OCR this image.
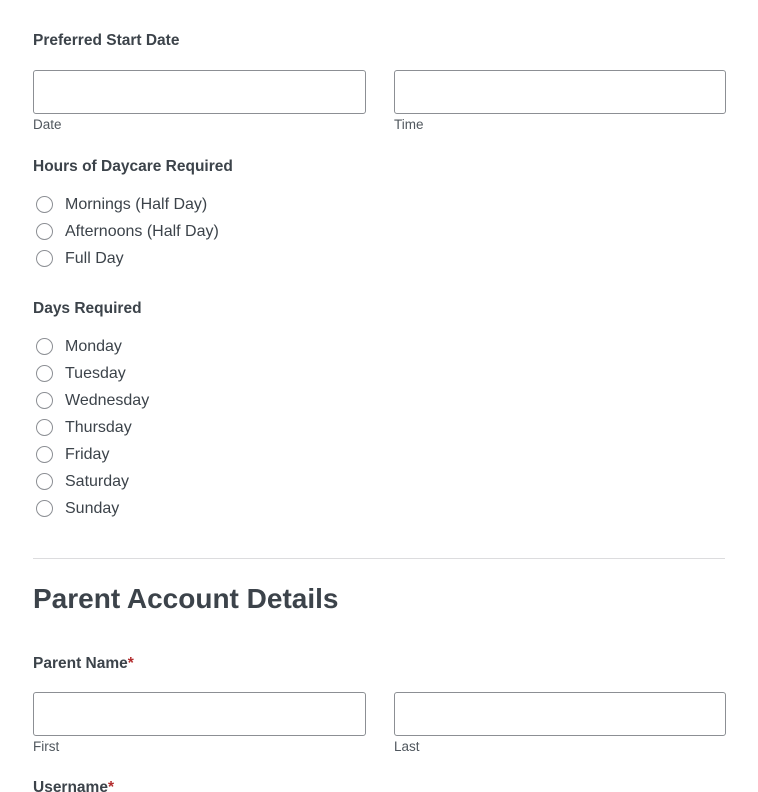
Preferred Start Date
Date	Time
Hours of Daycare Required
Mornings (Half Day)
Afternoons (Half Day)
Full Day
Days Required
Monday
Tuesday
Wednesday
Thursday
Friday
Saturday
Sunday
Parent Account Details
Parent Name*
First	Last
Username*
